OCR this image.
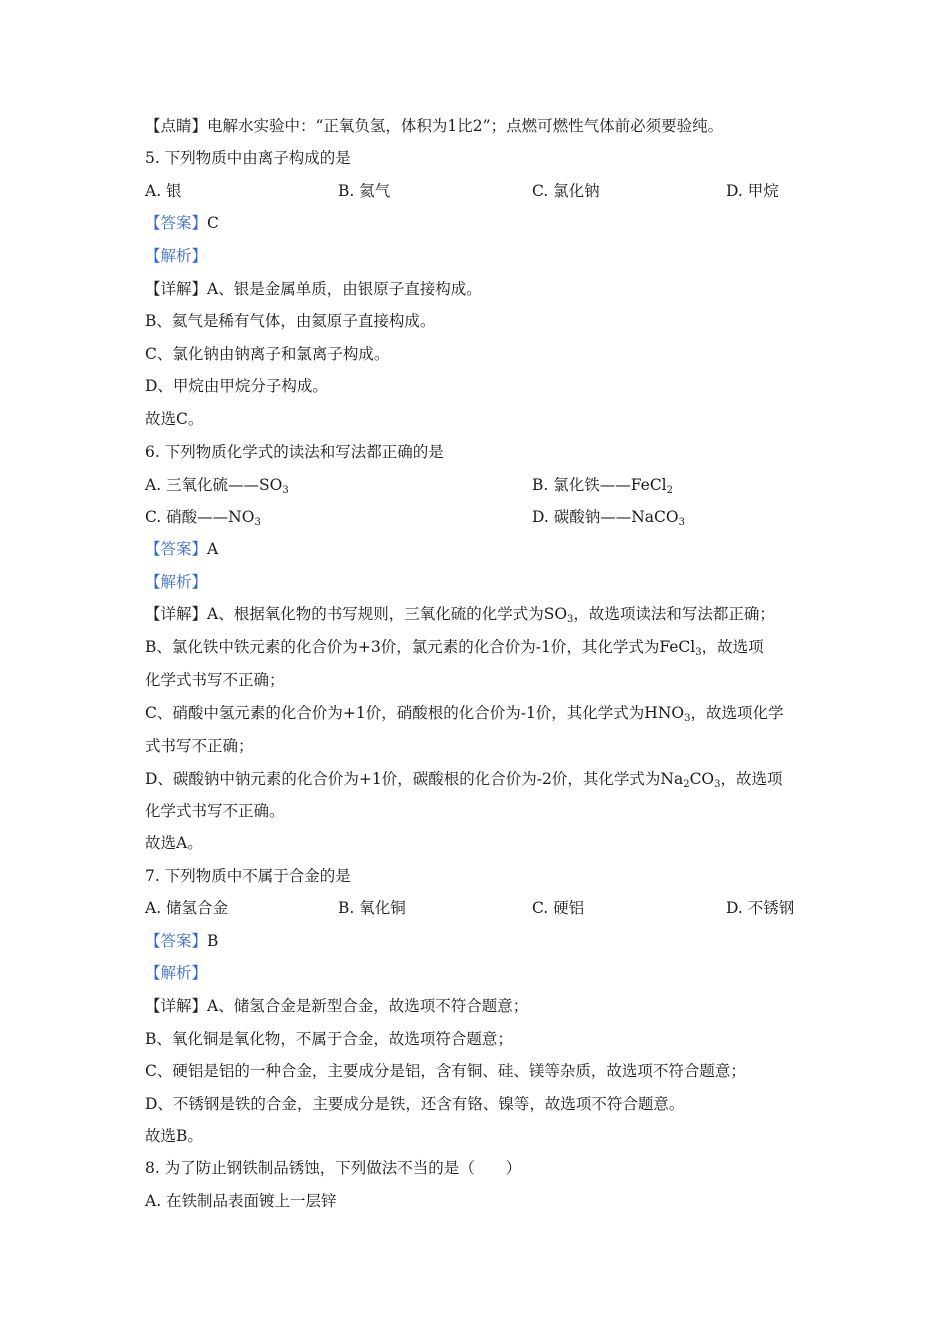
【点睛】电解水实验中：“正氧负氢，体积为1比2”；点燃可燃性气体前必须要验纯。
5. 下列物质中由离子构成的是
A. 银	B. 氦气	C. 氯化钠	D. 甲烷
【答案】C
【解析】
【详解】A、银是金属单质，由银原子直接构成。
B、氦气是稀有气体，由氦原子直接构成。
C、氯化钠由钠离子和氯离子构成。
D、甲烷由甲烷分子构成。
故选C。
6. 下列物质化学式的读法和写法都正确的是
A. 三氧化硫$——SO_3$	B. 氯化铁——FeCl$_2$
C. 硝酸$——NO_3$	D. 碳酸钠——NaCO$_3$
【答案】A
【解析】
【详解】A、根据氧化物的书写规则，三氧化硫的化学式为$SO_3$，故选项读法和写法都正确；
B、氯化铁中铁元素的化合价为+3价，氯元素的化合价为-1价，其化学式为FeCl$_3$，故选项
化学式书写不正确；
C、硝酸中氢元素的化合价为+1价，硝酸根的化合价为-1价，其化学式为$HNO_3$，故选项化学
式书写不正确；
D、碳酸钠中钠元素的化合价为+1价，碳酸根的化合价为-2价，其化学式为$Na_2CO_3$，故选项
化学式书写不正确。
故选A。
7. 下列物质中不属于合金的是
A. 储氢合金	B. 氧化铜	C. 硬铝	D. 不锈钢
【答案】B
【解析】
【详解】A、储氢合金是新型合金，故选项不符合题意；
B、氧化铜是氧化物，不属于合金，故选项符合题意；
C、硬铝是铝的一种合金，主要成分是铝，含有铜、硅、镁等杂质，故选项不符合题意；
D、不锈钢是铁的合金，主要成分是铁，还含有铬、镍等，故选项不符合题意。
故选B。
8. 为了防止钢铁制品锈蚀，下列做法不当的是（　　）
A. 在铁制品表面镀上一层锌
